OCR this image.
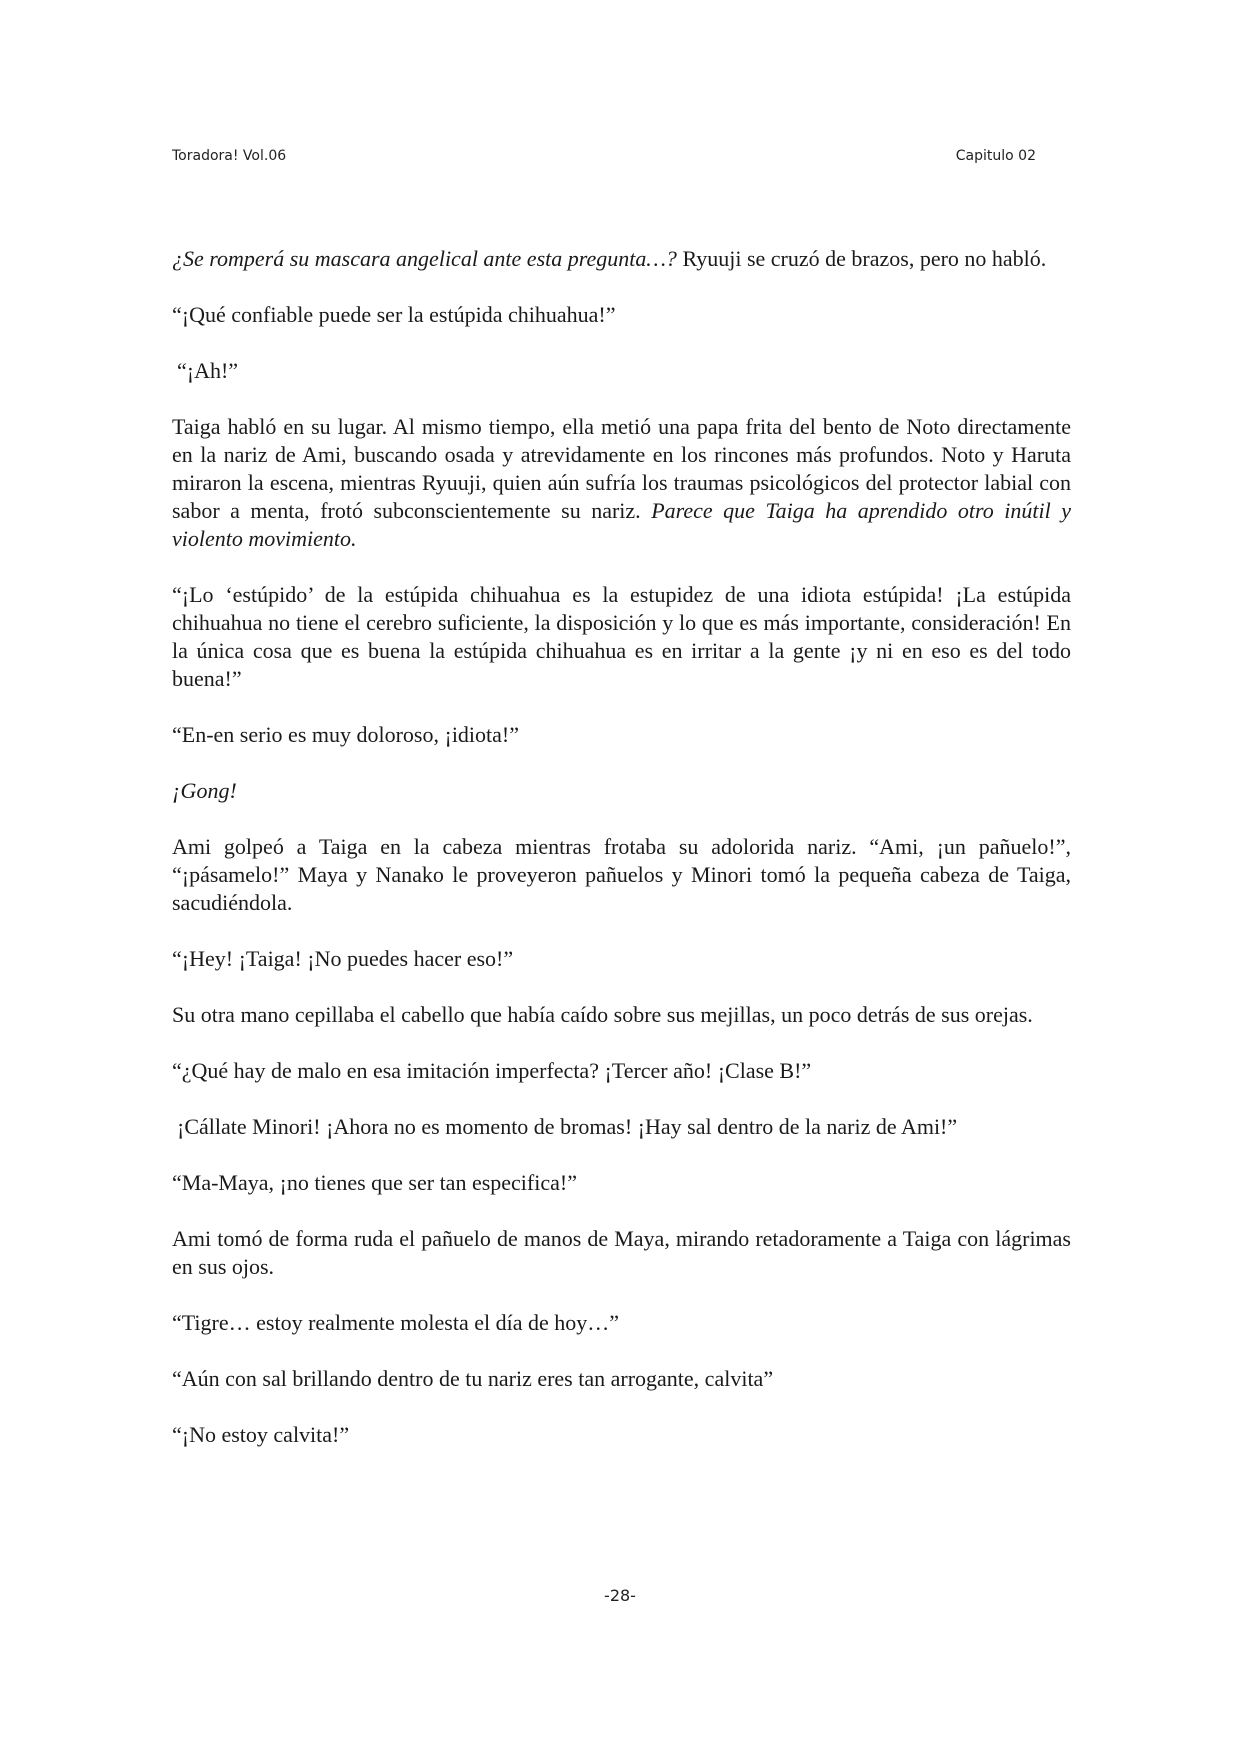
Toradora! Vol.06	Capitulo 02

¿Se romperá su mascara angelical ante esta pregunta…? Ryuuji se cruzó de brazos, pero no habló.

“¡Qué confiable puede ser la estúpida chihuahua!”

“¡Ah!”

Taiga habló en su lugar. Al mismo tiempo, ella metió una papa frita del bento de Noto directamente en la nariz de Ami, buscando osada y atrevidamente en los rincones más profundos. Noto y Haruta miraron la escena, mientras Ryuuji, quien aún sufría los traumas psicológicos del protector labial con sabor a menta, frotó subconscientemente su nariz. Parece que Taiga ha aprendido otro inútil y violento movimiento.

“¡Lo ‘estúpido’ de la estúpida chihuahua es la estupidez de una idiota estúpida! ¡La estúpida chihuahua no tiene el cerebro suficiente, la disposición y lo que es más importante, consideración! En la única cosa que es buena la estúpida chihuahua es en irritar a la gente ¡y ni en eso es del todo buena!”

“En-en serio es muy doloroso, ¡idiota!”

¡Gong!

Ami golpeó a Taiga en la cabeza mientras frotaba su adolorida nariz. “Ami, ¡un pañuelo!”, “¡pásamelo!” Maya y Nanako le proveyeron pañuelos y Minori tomó la pequeña cabeza de Taiga, sacudiéndola.

“¡Hey! ¡Taiga! ¡No puedes hacer eso!”

Su otra mano cepillaba el cabello que había caído sobre sus mejillas, un poco detrás de sus orejas.

“¿Qué hay de malo en esa imitación imperfecta? ¡Tercer año! ¡Clase B!”

¡Cállate Minori! ¡Ahora no es momento de bromas! ¡Hay sal dentro de la nariz de Ami!”

“Ma-Maya, ¡no tienes que ser tan especifica!”

Ami tomó de forma ruda el pañuelo de manos de Maya, mirando retadoramente a Taiga con lágrimas en sus ojos.

“Tigre… estoy realmente molesta el día de hoy…”

“Aún con sal brillando dentro de tu nariz eres tan arrogante, calvita”

“¡No estoy calvita!”

-28-
